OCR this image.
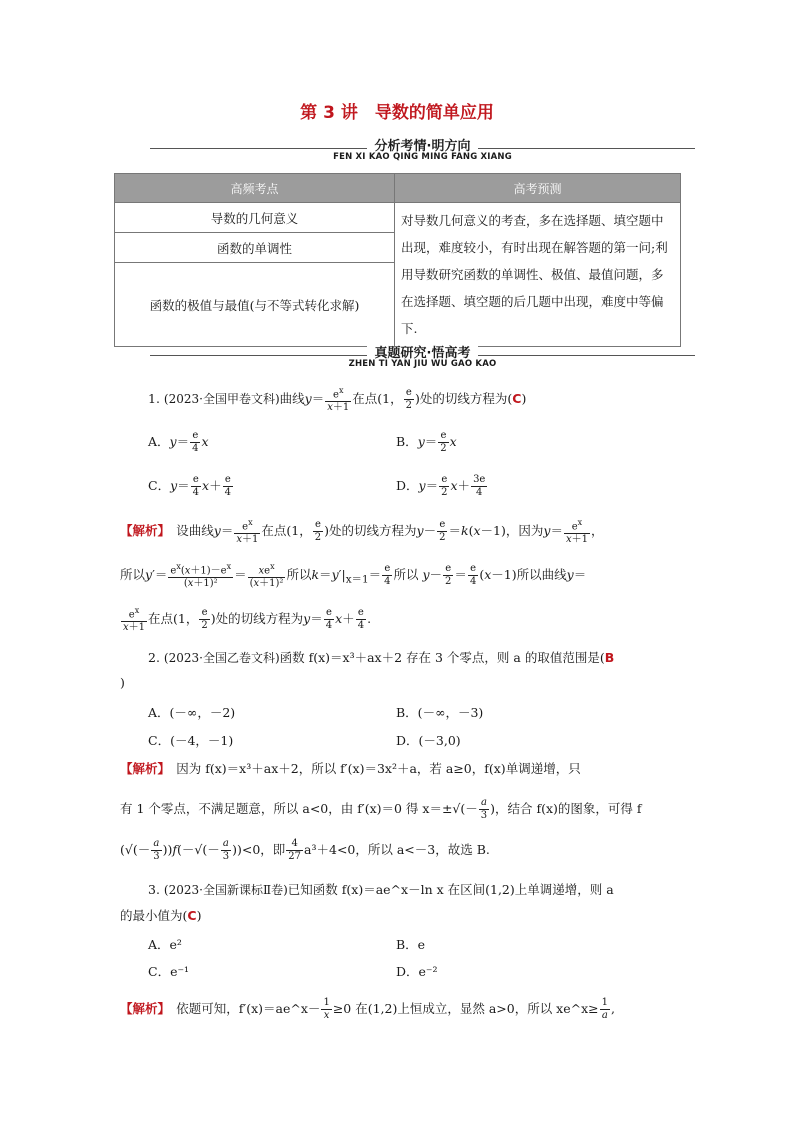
第 3 讲　导数的简单应用
分析考情·明方向
FEN XI KAO QING MING FANG XIANG
高频考点	高考预测
导数的几何意义	对导数几何意义的考查，多在选择题、填空题中出现，难度较小，有时出现在解答题的第一问;利用导数研究函数的单调性、极值、最值问题，多在选择题、填空题的后几题中出现，难度中等偏下.
函数的单调性	
函数的极值与最值(与不等式转化求解)	
真题研究·悟高考
ZHEN TI YAN JIU WU GAO KAO
1. (2023·全国甲卷文科)曲线$y= \frac{e^x}{x+1}$ 在点(1， $\frac{e}{2}$ )处的切线方程为(C)
A．$y= \frac{e}{4}$ x	B．$y= \frac{e}{2}$ x
C．$y= \frac{e}{4} x+ \frac{e}{4}$	D．$y= \frac{e}{2} x+ \frac{3e}{4}$
【解析】　 设曲线$y= \frac{e^x}{x+1}$ 在点(1， $\frac{e}{2}$ )处的切线方程为$y- \frac{e}{2} =k(x-1)$，因为$y= \frac{e^x}{x+1}$ ，
所以$y'= \frac{e^x(x+1)-e^x}{\text{(x＋1)²}} = \frac{xe^x}{\text{(x＋1)²}}$ 所以$k=y'|_{x=1}= \frac{e}{4}$ 所以 $y- \frac{e}{2} = \frac{e}{4} (x-1)$所以曲线y＝
$\frac{e^x}{x+1}$ 在点(1， $\frac{e}{2}$ )处的切线方程为$y= \frac{e}{4} x+ \frac{e}{4}$ .
2. (2023·全国乙卷文科)函数 f(x)＝x³＋ax＋2 存在 3 个零点，则 a 的取值范围是(B
)
A．(－∞，－2)	B．(－∞，－3)
C．(－4，－1)	D．(－3,0)
【解析】　 因为 f(x)＝x³＋ax＋2，所以 f′(x)＝3x²＋a，若 a≥0，f(x)单调递增，只
有 1 个零点，不满足题意，所以 a<0，由 f′(x)＝0 得 $x=\pm√(- \frac{a}{3}$ )，结合 f(x)的图象，可得 f
(√(－ $\frac{a}{3} ))f(-√(- \frac{a}{3} ))<0$，即 $\frac{4}{27} a^3+4<0$，所以 a<－3，故选 B.
3. (2023·全国新课标Ⅱ卷)已知函数 f(x)＝ae^x－ln x 在区间(1,2)上单调递增，则 a
的最小值为(C)
A．e²	B．e
C．e⁻¹	D．e⁻²
【解析】　 依题可知，f′(x)＝ae^x－ $\frac{1}{x} \ge 0$ 在(1,2)上恒成立，显然 a>0，所以 xe^x≥ $\frac{1}{a}$ ,
